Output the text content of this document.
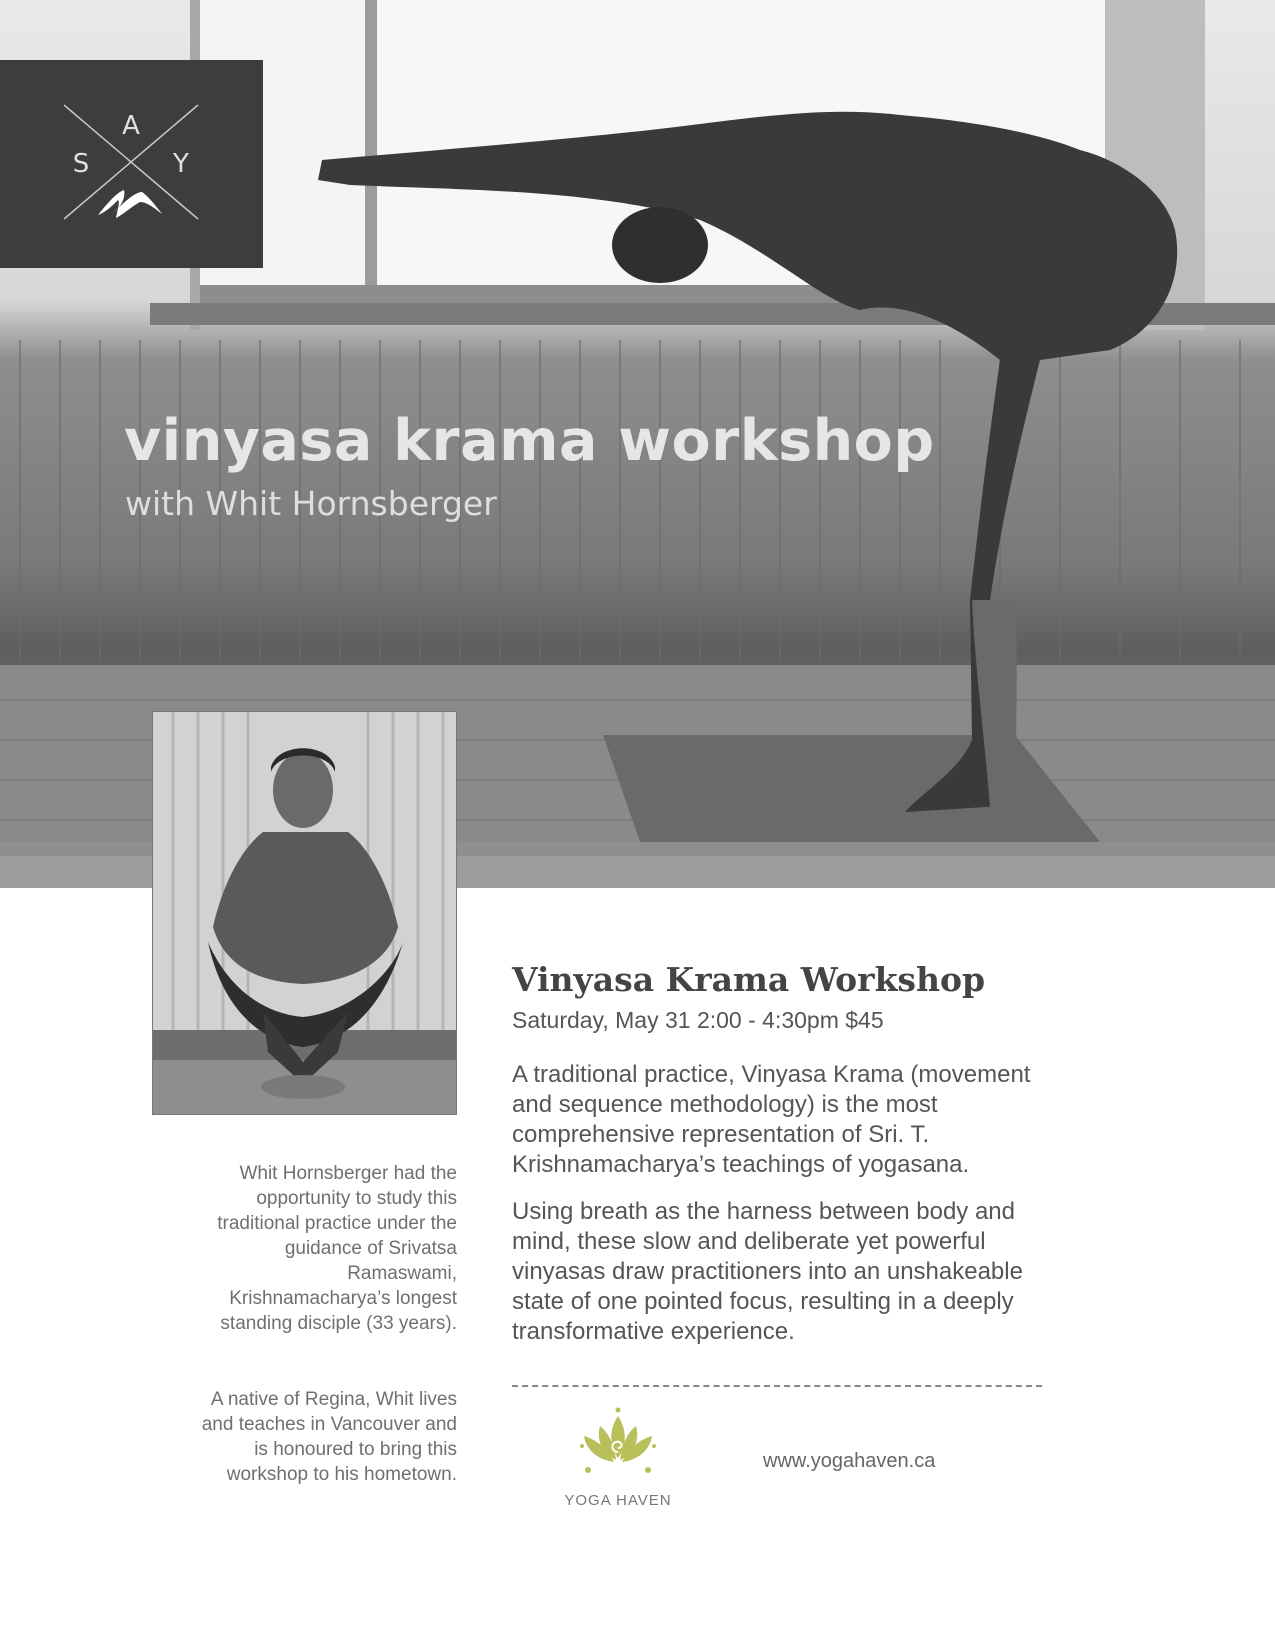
A
S	Y
vinyasa krama workshop

with Whit Hornsberger

Whit Hornsberger had the opportunity to study this traditional practice under the guidance of Srivatsa Ramaswami, Krishnamacharya’s longest standing disciple (33 years).

A native of Regina, Whit lives and teaches in Vancouver and is honoured to bring this workshop to his hometown.

Vinyasa Krama Workshop

Saturday, May 31 2:00 - 4:30pm $45

A traditional practice, Vinyasa Krama (movement and sequence methodology) is the most comprehensive representation of Sri. T. Krishnamacharya’s teachings of yogasana.

Using breath as the harness between body and mind, these slow and deliberate yet powerful vinyasas draw practitioners into an unshakeable state of one pointed focus, resulting in a deeply transformative experience.

YOGA HAVEN

www.yogahaven.ca
